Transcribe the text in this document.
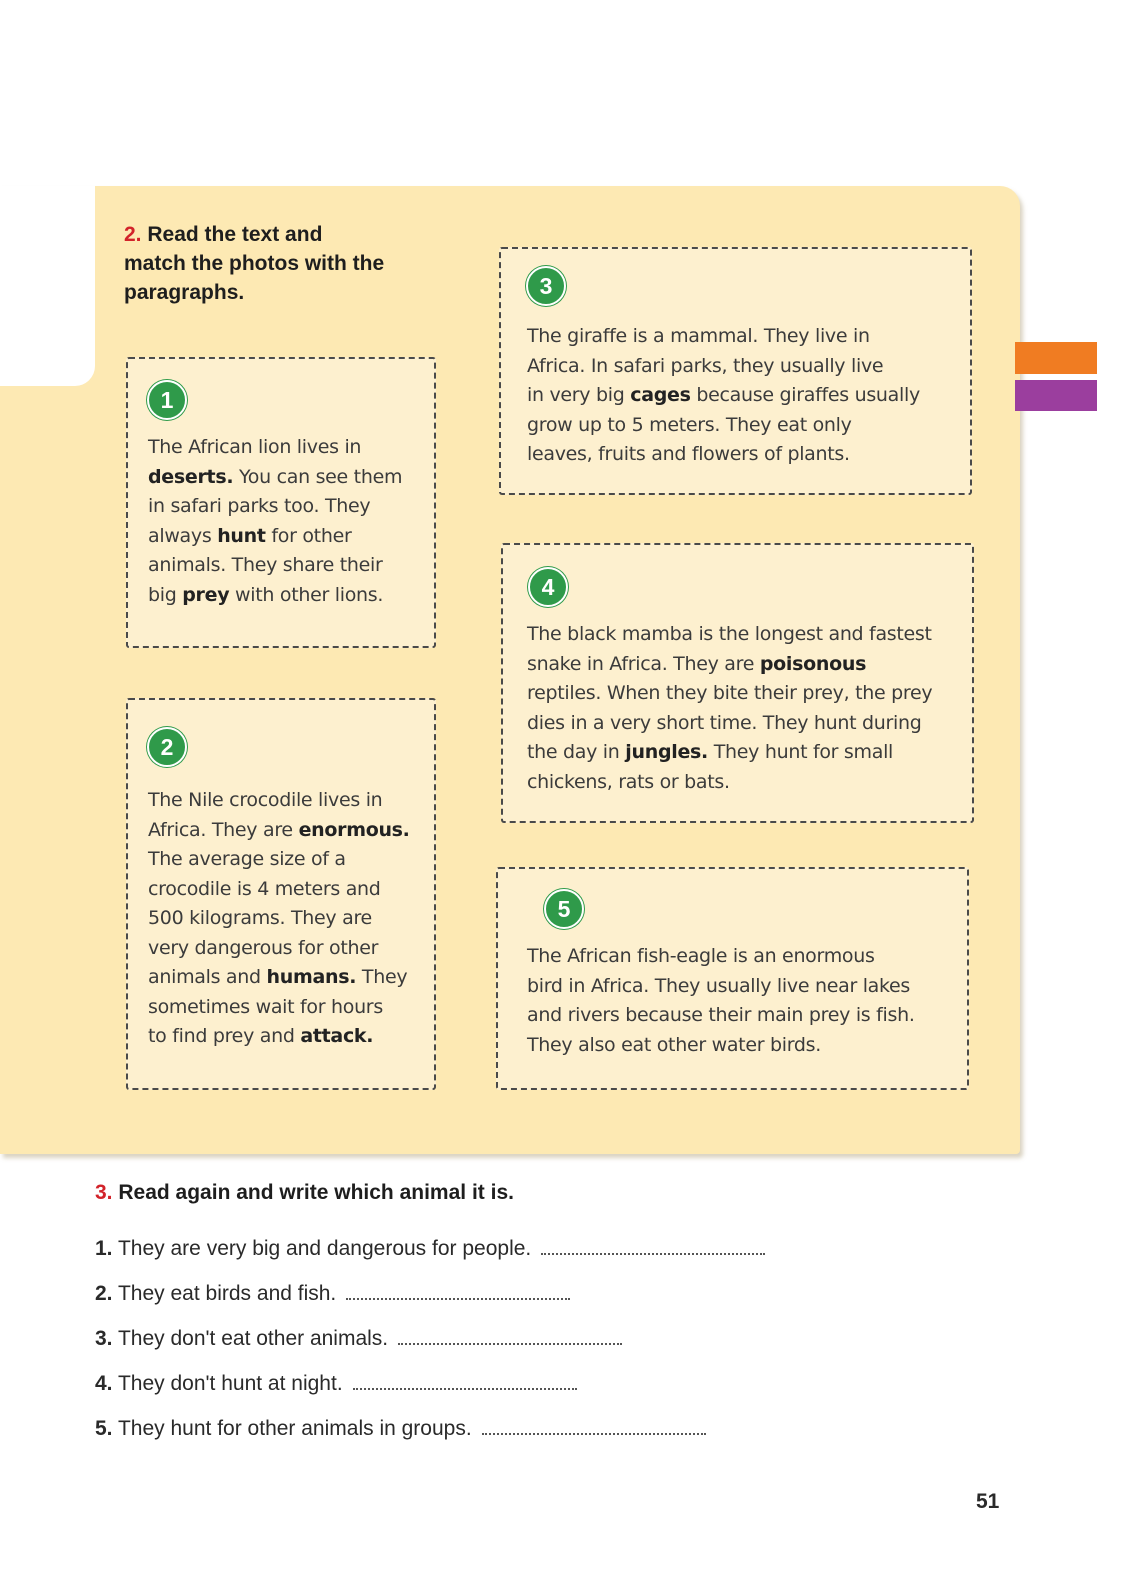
2. Read the text and
match the photos with the
paragraphs.
1
The African lion lives in
deserts. You can see them
in safari parks too. They
always hunt for other
animals. They share their
big prey with other lions.
2
The Nile crocodile lives in
Africa. They are enormous.
The average size of a
crocodile is 4 meters and
500 kilograms. They are
very dangerous for other
animals and humans. They
sometimes wait for hours
to find prey and attack.
3
The giraffe is a mammal. They live in
Africa. In safari parks, they usually live
in very big cages because giraffes usually
grow up to 5 meters. They eat only
leaves, fruits and flowers of plants.
4
The black mamba is the longest and fastest
snake in Africa. They are poisonous
reptiles. When they bite their prey, the prey
dies in a very short time. They hunt during
the day in jungles. They hunt for small
chickens, rats or bats.
5
The African fish-eagle is an enormous
bird in Africa. They usually live near lakes
and rivers because their main prey is fish.
They also eat other water birds.
3. Read again and write which animal it is.
1. They are very big and dangerous for people.
2. They eat birds and fish.
3. They don't eat other animals.
4. They don't hunt at night.
5. They hunt for other animals in groups.
51
